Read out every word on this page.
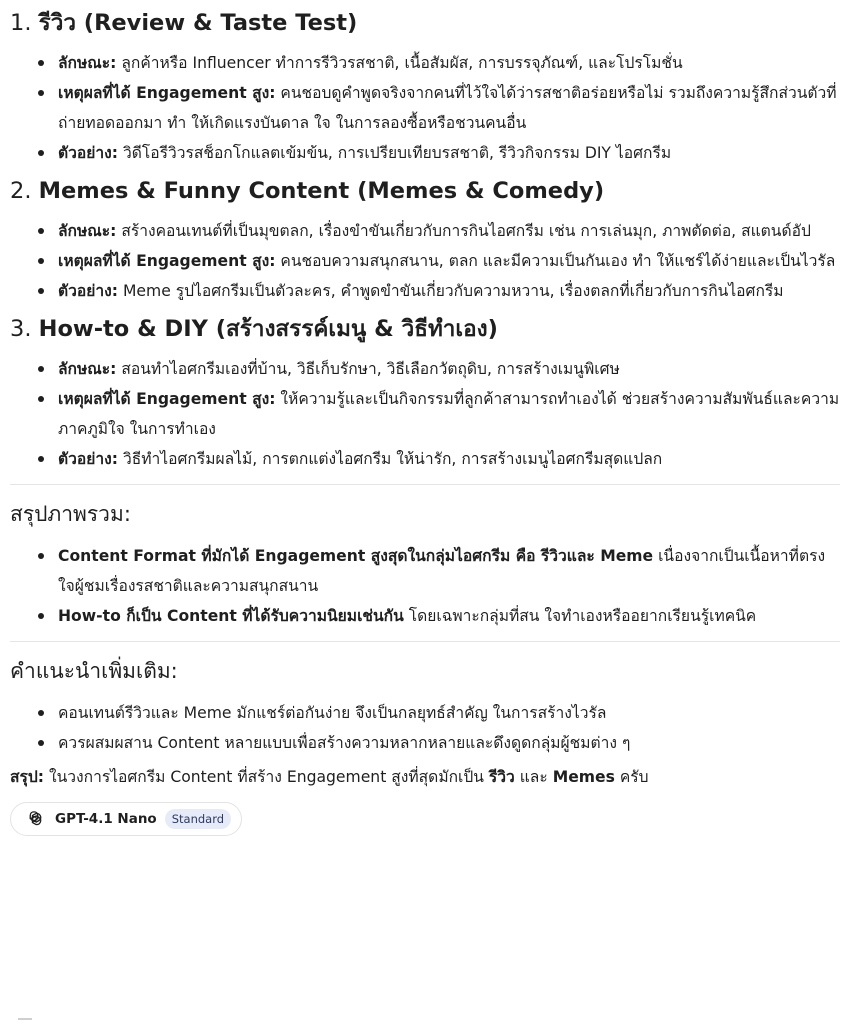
1. รีวิว (Review & Taste Test)
ลักษณะ: ลูกค้าหรือ Influencer ทำการรีวิวรสชาติ, เนื้อสัมผัส, การบรรจุภัณฑ์, และโปรโมชั่น
เหตุผลที่ได้ Engagement สูง: คนชอบดูคำพูดจริงจากคนที่ไว้ใจได้ว่ารสชาติอร่อยหรือไม่ รวมถึงความรู้สึกส่วนตัวที่ถ่ายทอดออกมา ทำ ให้เกิดแรงบันดาล ใจ ในการลองซื้อหรือชวนคนอื่น
ตัวอย่าง: วิดีโอรีวิวรสช็อกโกแลตเข้มข้น, การเปรียบเทียบรสชาติ, รีวิวกิจกรรม DIY ไอศกรีม
2. Memes & Funny Content (Memes & Comedy)
ลักษณะ: สร้างคอนเทนต์ที่เป็นมุขตลก, เรื่องขำขันเกี่ยวกับการกินไอศกรีม เช่น การเล่นมุก, ภาพตัดต่อ, สแตนด์อัป
เหตุผลที่ได้ Engagement สูง: คนชอบความสนุกสนาน, ตลก และมีความเป็นกันเอง ทำ ให้แชร์ได้ง่ายและเป็นไวรัล
ตัวอย่าง: Meme รูปไอศกรีมเป็นตัวละคร, คำพูดขำขันเกี่ยวกับความหวาน, เรื่องตลกที่เกี่ยวกับการกินไอศกรีม
3. How-to & DIY (สร้างสรรค์เมนู & วิธีทำเอง)
ลักษณะ: สอนทำไอศกรีมเองที่บ้าน, วิธีเก็บรักษา, วิธีเลือกวัตถุดิบ, การสร้างเมนูพิเศษ
เหตุผลที่ได้ Engagement สูง: ให้ความรู้และเป็นกิจกรรมที่ลูกค้าสามารถทำเองได้ ช่วยสร้างความสัมพันธ์และความภาคภูมิใจ ในการทำเอง
ตัวอย่าง: วิธีทำไอศกรีมผลไม้, การตกแต่งไอศกรีม ให้น่ารัก, การสร้างเมนูไอศกรีมสุดแปลก
สรุปภาพรวม:
Content Format ที่มักได้ Engagement สูงสุดในกลุ่มไอศกรีม คือ รีวิวและ Meme เนื่องจากเป็นเนื้อหาที่ตรง ใจผู้ชมเรื่องรสชาติและความสนุกสนาน
How-to ก็เป็น Content ที่ได้รับความนิยมเช่นกัน โดยเฉพาะกลุ่มที่สน ใจทำเองหรืออยากเรียนรู้เทคนิค
คำแนะนำเพิ่มเติม:
คอนเทนต์รีวิวและ Meme มักแชร์ต่อกันง่าย จึงเป็นกลยุทธ์สำคัญ ในการสร้างไวรัล
ควรผสมผสาน Content หลายแบบเพื่อสร้างความหลากหลายและดึงดูดกลุ่มผู้ชมต่าง ๆ
สรุป: ในวงการไอศกรีม Content ที่สร้าง Engagement สูงที่สุดมักเป็น รีวิว และ Memes ครับ
GPT-4.1 Nano	Standard
